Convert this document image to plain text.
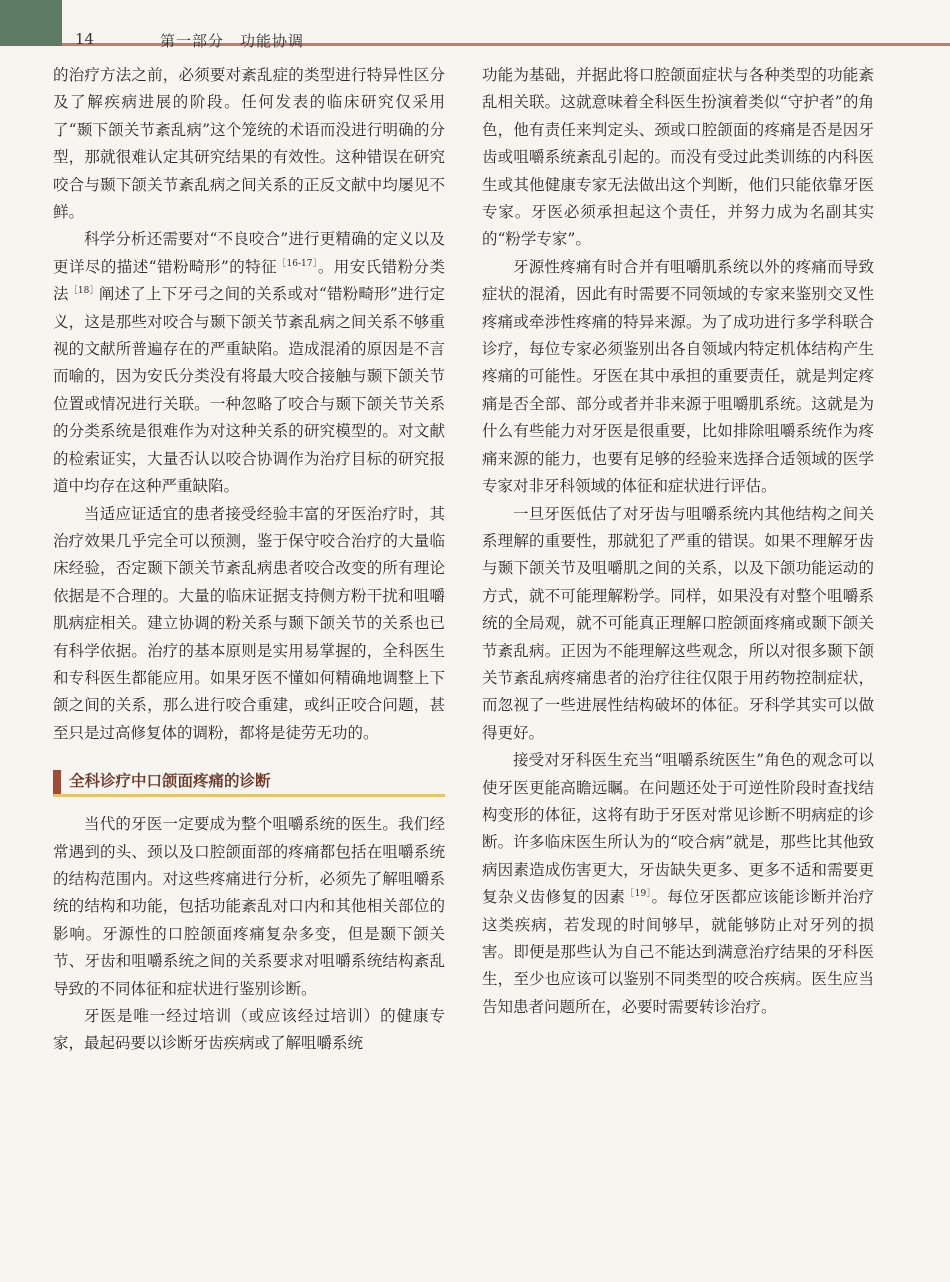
14	第一部分　功能协调

的治疗方法之前，必须要对紊乱症的类型进行特异性区分及了解疾病进展的阶段。任何发表的临床研究仅采用了“颞下颌关节紊乱病”这个笼统的术语而没进行明确的分型，那就很难认定其研究结果的有效性。这种错误在研究咬合与颞下颌关节紊乱病之间关系的正反文献中均屡见不鲜。

科学分析还需要对“不良咬合”进行更精确的定义以及更详尽的描述“错粉畸形”的特征$^{[16-17]}$。用安氏错粉分类法$^{[18]}$阐述了上下牙弓之间的关系或对“错粉畸形”进行定义，这是那些对咬合与颞下颌关节紊乱病之间关系不够重视的文献所普遍存在的严重缺陷。造成混淆的原因是不言而喻的，因为安氏分类没有将最大咬合接触与颞下颌关节位置或情况进行关联。一种忽略了咬合与颞下颌关节关系的分类系统是很难作为对这种关系的研究模型的。对文献的检索证实，大量否认以咬合协调作为治疗目标的研究报道中均存在这种严重缺陷。

当适应证适宜的患者接受经验丰富的牙医治疗时，其治疗效果几乎完全可以预测，鉴于保守咬合治疗的大量临床经验，否定颞下颌关节紊乱病患者咬合改变的所有理论依据是不合理的。大量的临床证据支持侧方粉干扰和咀嚼肌病症相关。建立协调的粉关系与颞下颌关节的关系也已有科学依据。治疗的基本原则是实用易掌握的，全科医生和专科医生都能应用。如果牙医不懂如何精确地调整上下颌之间的关系，那么进行咬合重建，或纠正咬合问题，甚至只是过高修复体的调粉，都将是徒劳无功的。

全科诊疗中口颌面疼痛的诊断

当代的牙医一定要成为整个咀嚼系统的医生。我们经常遇到的头、颈以及口腔颌面部的疼痛都包括在咀嚼系统的结构范围内。对这些疼痛进行分析，必须先了解咀嚼系统的结构和功能，包括功能紊乱对口内和其他相关部位的影响。牙源性的口腔颌面疼痛复杂多变，但是颞下颌关节、牙齿和咀嚼系统之间的关系要求对咀嚼系统结构紊乱导致的不同体征和症状进行鉴别诊断。

牙医是唯一经过培训（或应该经过培训）的健康专家，最起码要以诊断牙齿疾病或了解咀嚼系统

功能为基础，并据此将口腔颌面症状与各种类型的功能紊乱相关联。这就意味着全科医生扮演着类似“守护者”的角色，他有责任来判定头、颈或口腔颌面的疼痛是否是因牙齿或咀嚼系统紊乱引起的。而没有受过此类训练的内科医生或其他健康专家无法做出这个判断，他们只能依靠牙医专家。牙医必须承担起这个责任，并努力成为名副其实的“粉学专家”。

牙源性疼痛有时合并有咀嚼肌系统以外的疼痛而导致症状的混淆，因此有时需要不同领域的专家来鉴别交叉性疼痛或牵涉性疼痛的特异来源。为了成功进行多学科联合诊疗，每位专家必须鉴别出各自领域内特定机体结构产生疼痛的可能性。牙医在其中承担的重要责任，就是判定疼痛是否全部、部分或者并非来源于咀嚼肌系统。这就是为什么有些能力对牙医是很重要，比如排除咀嚼系统作为疼痛来源的能力，也要有足够的经验来选择合适领域的医学专家对非牙科领域的体征和症状进行评估。

一旦牙医低估了对牙齿与咀嚼系统内其他结构之间关系理解的重要性，那就犯了严重的错误。如果不理解牙齿与颞下颌关节及咀嚼肌之间的关系，以及下颌功能运动的方式，就不可能理解粉学。同样，如果没有对整个咀嚼系统的全局观，就不可能真正理解口腔颌面疼痛或颞下颌关节紊乱病。正因为不能理解这些观念，所以对很多颞下颌关节紊乱病疼痛患者的治疗往往仅限于用药物控制症状，而忽视了一些进展性结构破坏的体征。牙科学其实可以做得更好。

接受对牙科医生充当“咀嚼系统医生”角色的观念可以使牙医更能高瞻远瞩。在问题还处于可逆性阶段时查找结构变形的体征，这将有助于牙医对常见诊断不明病症的诊断。许多临床医生所认为的“咬合病”就是，那些比其他致病因素造成伤害更大，牙齿缺失更多、更多不适和需要更复杂义齿修复的因素$^{[19]}$。每位牙医都应该能诊断并治疗这类疾病，若发现的时间够早，就能够防止对牙列的损害。即便是那些认为自己不能达到满意治疗结果的牙科医生，至少也应该可以鉴别不同类型的咬合疾病。医生应当告知患者问题所在，必要时需要转诊治疗。
